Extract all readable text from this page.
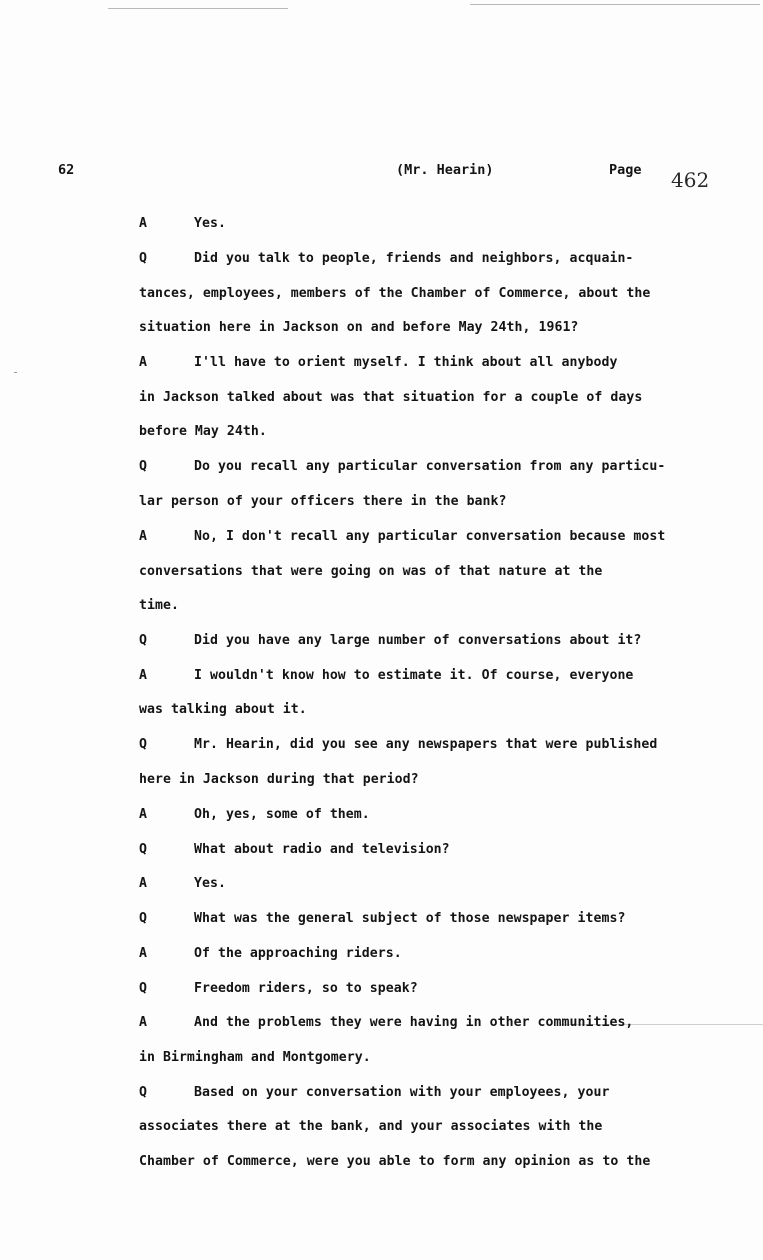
62	(Mr. Hearin)	Page 462
A	Yes.
Q	Did you talk to people, friends and neighbors, acquain-
tances, employees, members of the Chamber of Commerce, about the
situation here in Jackson on and before May 24th, 1961?
A	I'll have to orient myself. I think about all anybody
in Jackson talked about was that situation for a couple of days
before May 24th.
Q	Do you recall any particular conversation from any particu-
lar person of your officers there in the bank?
A	No, I don't recall any particular conversation because most
conversations that were going on was of that nature at the
time.
Q	Did you have any large number of conversations about it?
A	I wouldn't know how to estimate it. Of course, everyone
was talking about it.
Q	Mr. Hearin, did you see any newspapers that were published
here in Jackson during that period?
A	Oh, yes, some of them.
Q	What about radio and television?
A	Yes.
Q	What was the general subject of those newspaper items?
A	Of the approaching riders.
Q	Freedom riders, so to speak?
A	And the problems they were having in other communities,
in Birmingham and Montgomery.
Q	Based on your conversation with your employees, your
associates there at the bank, and your associates with the
Chamber of Commerce, were you able to form any opinion as to the
